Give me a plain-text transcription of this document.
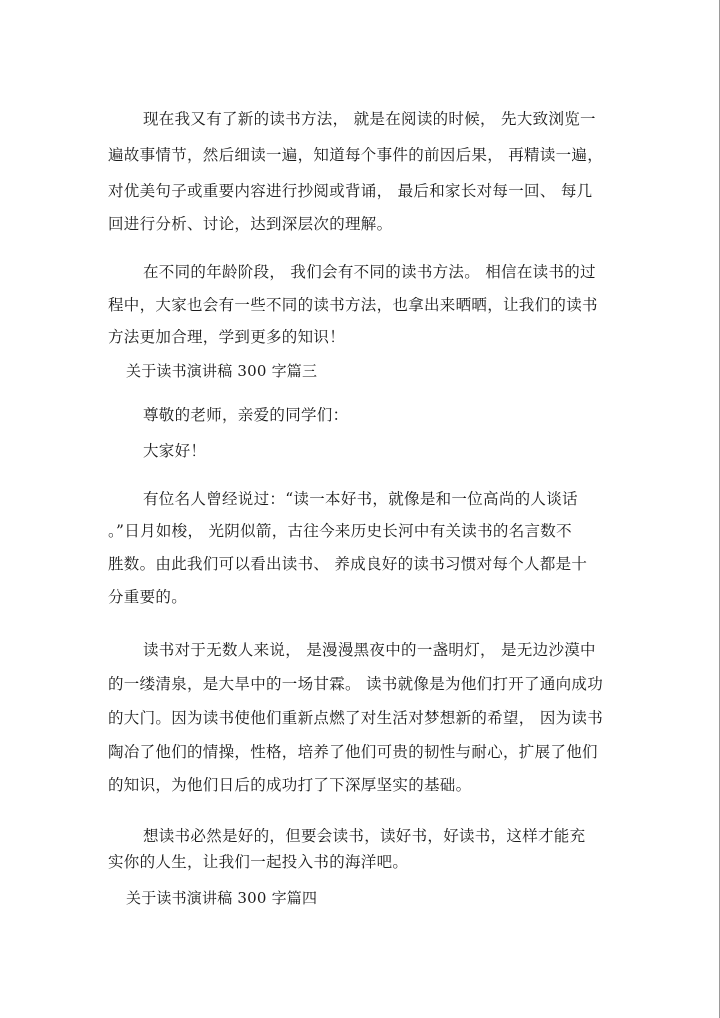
现在我又有了新的读书方法， 就是在阅读的时候， 先大致浏览一
遍故事情节，然后细读一遍，知道每个事件的前因后果， 再精读一遍，
对优美句子或重要内容进行抄阅或背诵， 最后和家长对每一回、 每几
回进行分析、讨论，达到深层次的理解。
在不同的年龄阶段， 我们会有不同的读书方法。 相信在读书的过
程中，大家也会有一些不同的读书方法，也拿出来晒晒，让我们的读书
方法更加合理，学到更多的知识！
关于读书演讲稿 300 字篇三
尊敬的老师，亲爱的同学们：
大家好！
有位名人曾经说过：“读一本好书，就像是和一位高尚的人谈话
。”日月如梭， 光阴似箭，古往今来历史长河中有关读书的名言数不
胜数。由此我们可以看出读书、 养成良好的读书习惯对每个人都是十
分重要的。
读书对于无数人来说， 是漫漫黑夜中的一盏明灯， 是无边沙漠中
的一缕清泉，是大旱中的一场甘霖。 读书就像是为他们打开了通向成功
的大门。因为读书使他们重新点燃了对生活对梦想新的希望， 因为读书
陶冶了他们的情操，性格，培养了他们可贵的韧性与耐心，扩展了他们
的知识，为他们日后的成功打了下深厚坚实的基础。
想读书必然是好的，但要会读书，读好书，好读书，这样才能充
实你的人生，让我们一起投入书的海洋吧。
关于读书演讲稿 300 字篇四
